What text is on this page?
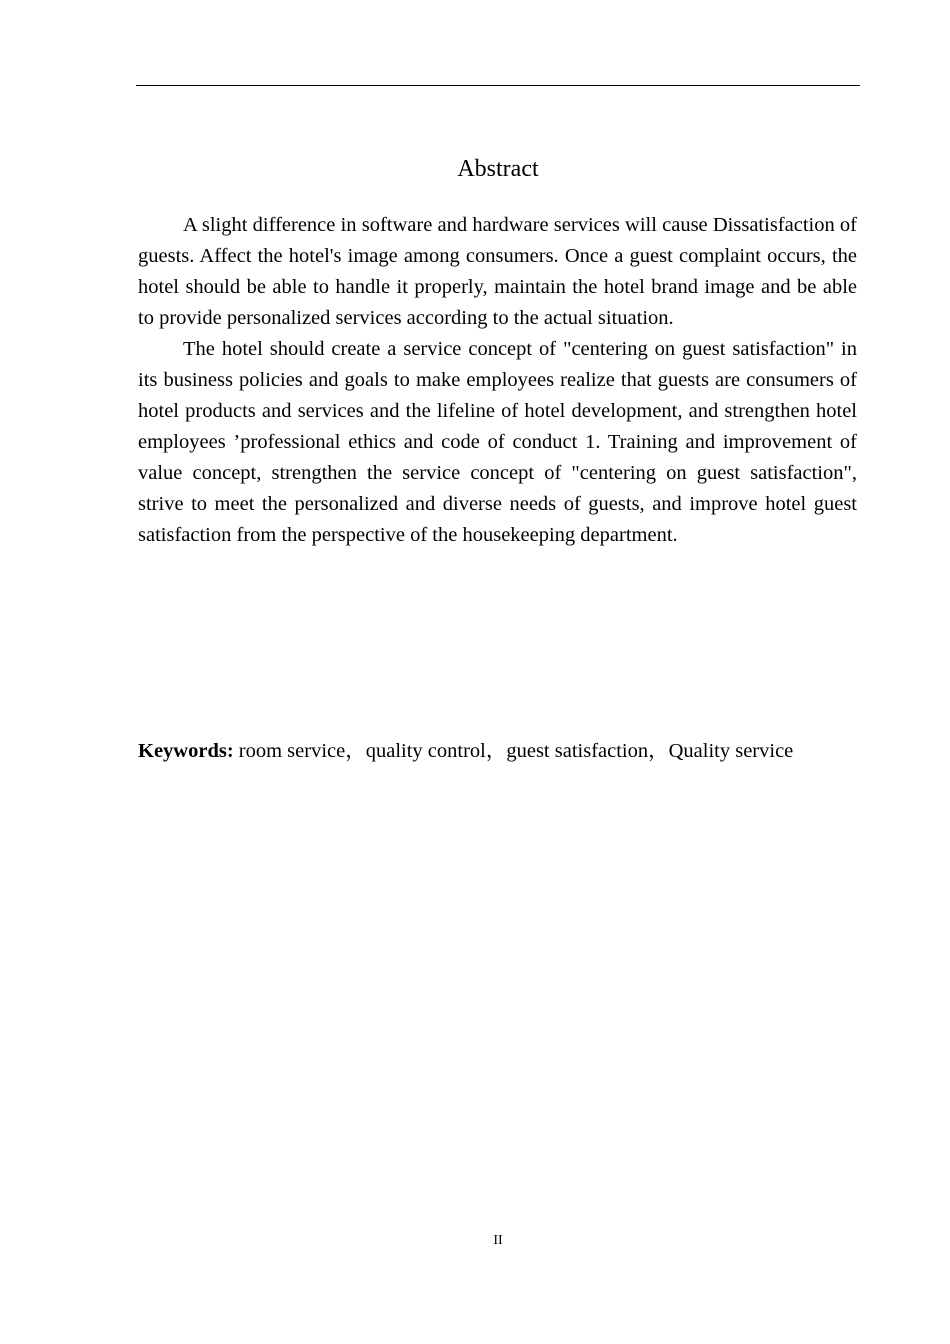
Abstract

A slight difference in software and hardware services will cause Dissatisfaction of guests. Affect the hotel's image among consumers. Once a guest complaint occurs, the hotel should be able to handle it properly, maintain the hotel brand image and be able to provide personalized services according to the actual situation.

The hotel should create a service concept of "centering on guest satisfaction" in its business policies and goals to make employees realize that guests are consumers of hotel products and services and the lifeline of hotel development, and strengthen hotel employees ’professional ethics and code of conduct 1. Training and improvement of value concept, strengthen the service concept of "centering on guest satisfaction", strive to meet the personalized and diverse needs of guests, and improve hotel guest satisfaction from the perspective of the housekeeping department.

Keywords: room service，quality control，guest satisfaction，Quality service
II
